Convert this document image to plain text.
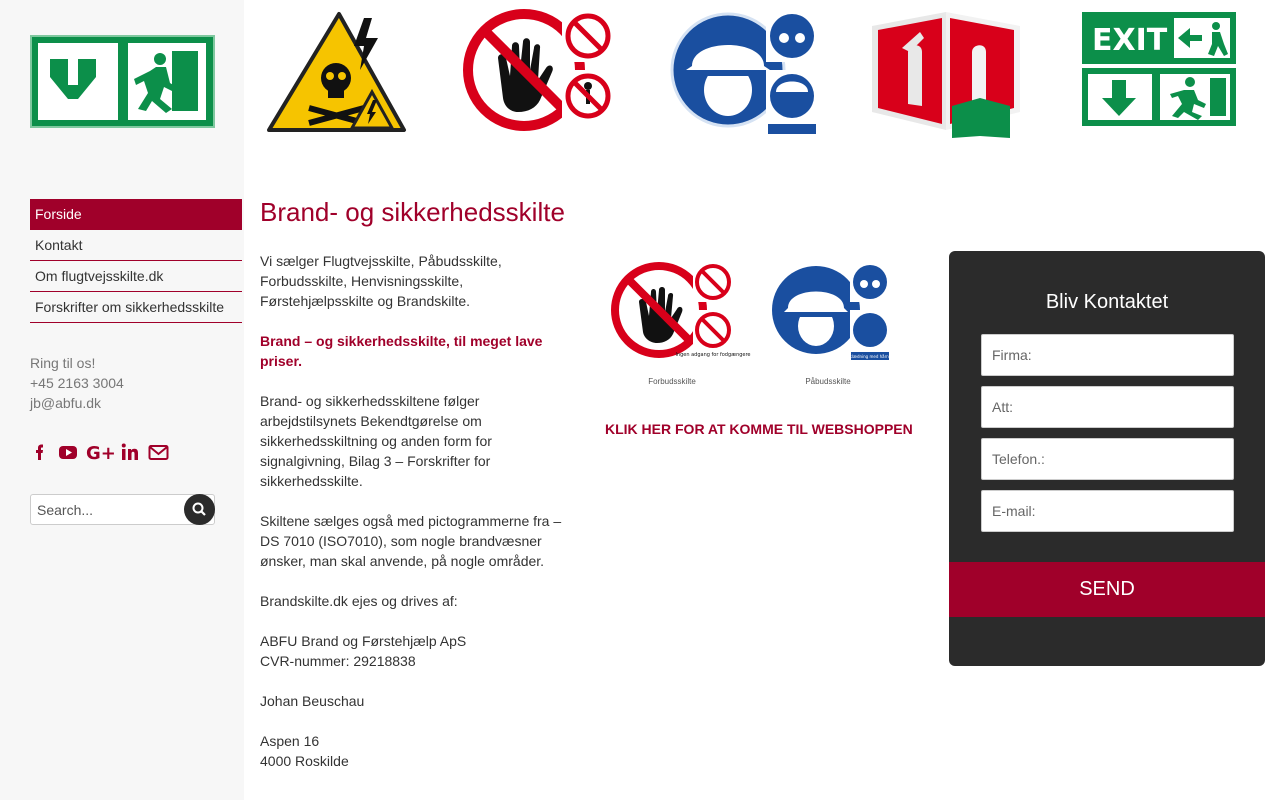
Forside
Kontakt
Om flugtvejsskilte.dk
Forskrifter om sikkerhedsskilte
Ring til os!
+45 2163 3004
jb@abfu.dk
G+
Search...
EXIT
Brand- og sikkerhedsskilte

Vi sælger Flugtvejsskilte, Påbudsskilte, Forbudsskilte, Henvisningsskilte, Førstehjælpsskilte og Brandskilte.

Brand – og sikkerhedsskilte, til meget lave priser.

Brand- og sikkerhedsskiltene følger arbejdstilsynets Bekendtgørelse om sikkerhedsskiltning og anden form for signalgivning, Bilag 3 – Forskrifter for sikkerhedsskilte.

Skiltene sælges også med pictogrammerne fra – DS 7010 (ISO7010), som nogle brandvæsner ønsker, man skal anvende, på nogle områder.

Brandskilte.dk ejes og drives af:

ABFU Brand og Førstehjælp ApS

CVR-nummer: 29218838

Johan Beuschau

Aspen 16

4000 Roskilde

Ingen adgang for fodgængere	Hovedbeklædning med hårnet påbudt
Forbudsskilte	Påbudsskilte
KLIK HER FOR AT KOMME TIL WEBSHOPPEN
Bliv Kontaktet
Firma:
Att:
Telefon.:
E-mail:
SEND
